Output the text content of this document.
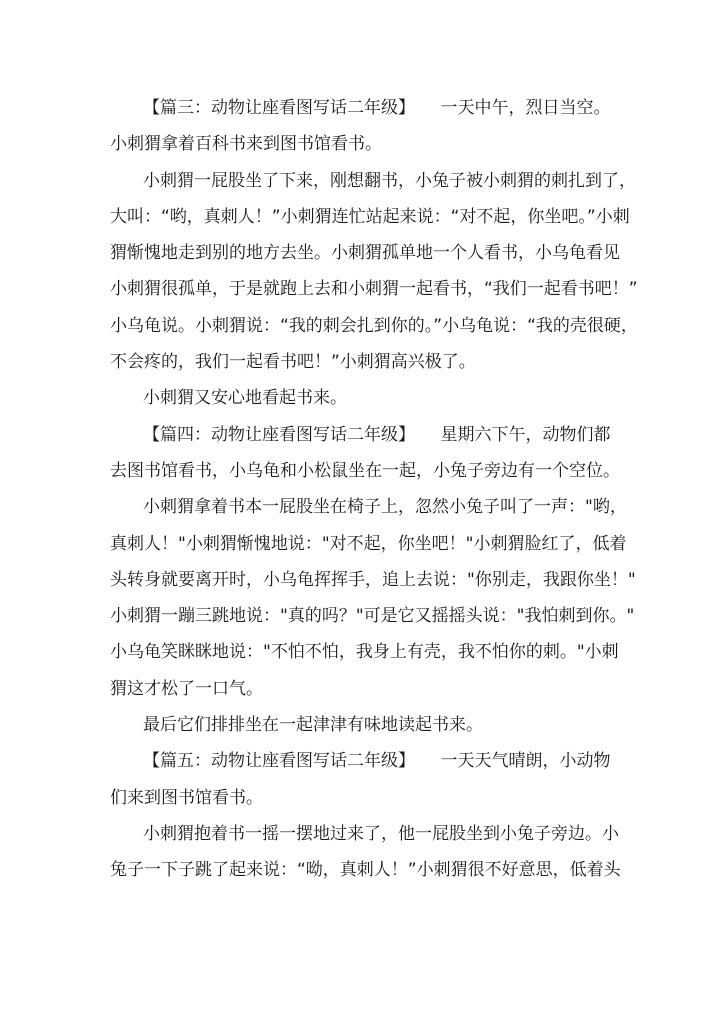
【篇三：动物让座看图写话二年级】　　一天中午，烈日当空。
小刺猬拿着百科书来到图书馆看书。
小刺猬一屁股坐了下来，刚想翻书，小兔子被小刺猬的刺扎到了，
大叫：“哟，真刺人！”小刺猬连忙站起来说：“对不起，你坐吧。”小刺
猬惭愧地走到别的地方去坐。小刺猬孤单地一个人看书，小乌龟看见
小刺猬很孤单，于是就跑上去和小刺猬一起看书，“我们一起看书吧！”
小乌龟说。小刺猬说：“我的刺会扎到你的。”小乌龟说：“我的壳很硬，
不会疼的，我们一起看书吧！”小刺猬高兴极了。
小刺猬又安心地看起书来。
【篇四：动物让座看图写话二年级】　　星期六下午，动物们都
去图书馆看书，小乌龟和小松鼠坐在一起，小兔子旁边有一个空位。
小刺猬拿着书本一屁股坐在椅子上，忽然小兔子叫了一声："哟，
真刺人！"小刺猬惭愧地说："对不起，你坐吧！"小刺猬脸红了，低着
头转身就要离开时，小乌龟挥挥手，追上去说："你别走，我跟你坐！"
小刺猬一蹦三跳地说："真的吗？"可是它又摇摇头说："我怕刺到你。"
小乌龟笑眯眯地说："不怕不怕，我身上有壳，我不怕你的刺。"小刺
猬这才松了一口气。
最后它们排排坐在一起津津有味地读起书来。
【篇五：动物让座看图写话二年级】　　一天天气晴朗，小动物
们来到图书馆看书。
小刺猬抱着书一摇一摆地过来了，他一屁股坐到小兔子旁边。小
兔子一下子跳了起来说：“呦，真刺人！”小刺猬很不好意思，低着头
